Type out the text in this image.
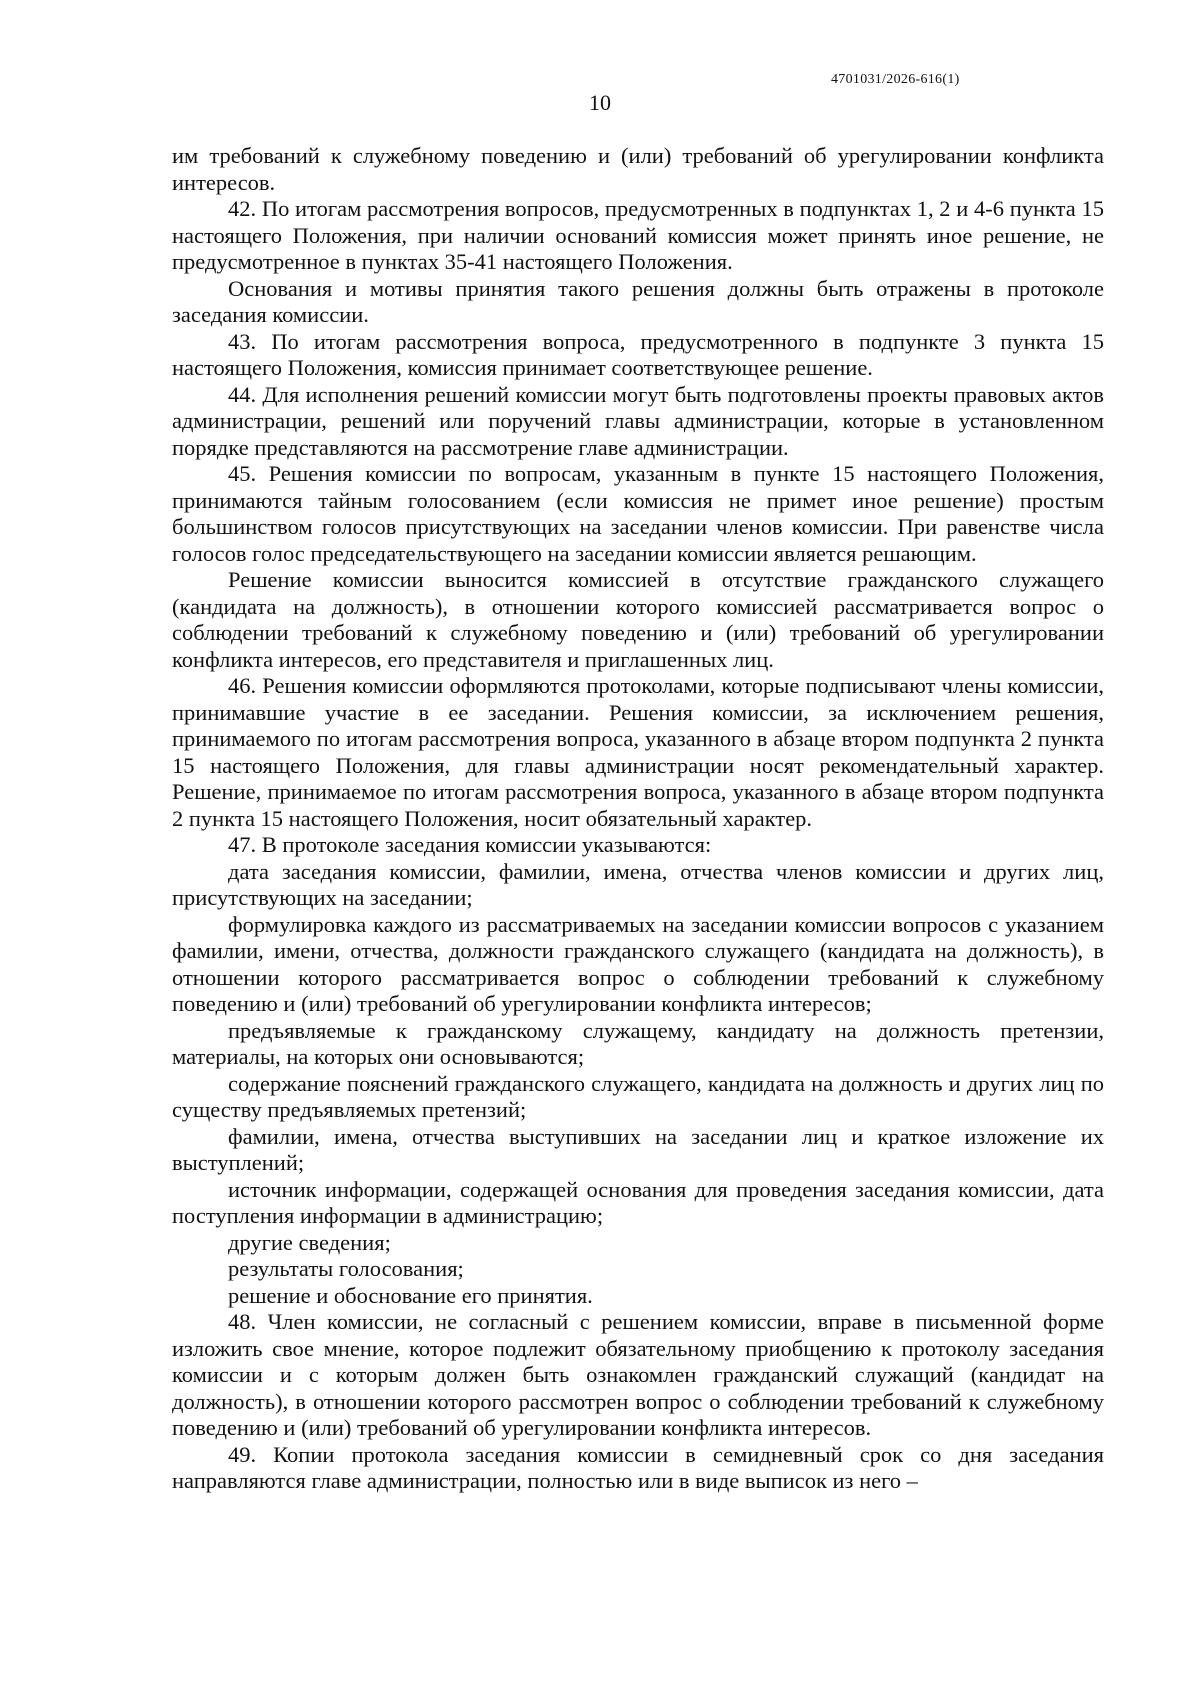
4701031/2026-616(1)
10

им требований к служебному поведению и (или) требований об урегулировании конфликта интересов.

42. По итогам рассмотрения вопросов, предусмотренных в подпунктах 1, 2 и 4-6 пункта 15 настоящего Положения, при наличии оснований комиссия может принять иное решение, не предусмотренное в пунктах 35-41 настоящего Положения.

Основания и мотивы принятия такого решения должны быть отражены в протоколе заседания комиссии.

43. По итогам рассмотрения вопроса, предусмотренного в подпункте 3 пункта 15 настоящего Положения, комиссия принимает соответствующее решение.

44. Для исполнения решений комиссии могут быть подготовлены проекты правовых актов администрации, решений или поручений главы администрации, которые в установленном порядке представляются на рассмотрение главе администрации.

45. Решения комиссии по вопросам, указанным в пункте 15 настоящего Положения, принимаются тайным голосованием (если комиссия не примет иное решение) простым большинством голосов присутствующих на заседании членов комиссии. При равенстве числа голосов голос председательствующего на заседании комиссии является решающим.

Решение комиссии выносится комиссией в отсутствие гражданского служащего (кандидата на должность), в отношении которого комиссией рассматривается вопрос о соблюдении требований к служебному поведению и (или) требований об урегулировании конфликта интересов, его представителя и приглашенных лиц.

46. Решения комиссии оформляются протоколами, которые подписывают члены комиссии, принимавшие участие в ее заседании. Решения комиссии, за исключением решения, принимаемого по итогам рассмотрения вопроса, указанного в абзаце втором подпункта 2 пункта 15 настоящего Положения, для главы администрации носят рекомендательный характер. Решение, принимаемое по итогам рассмотрения вопроса, указанного в абзаце втором подпункта 2 пункта 15 настоящего Положения, носит обязательный характер.

47. В протоколе заседания комиссии указываются:

дата заседания комиссии, фамилии, имена, отчества членов комиссии и других лиц, присутствующих на заседании;

формулировка каждого из рассматриваемых на заседании комиссии вопросов с указанием фамилии, имени, отчества, должности гражданского служащего (кандидата на должность), в отношении которого рассматривается вопрос о соблюдении требований к служебному поведению и (или) требований об урегулировании конфликта интересов;

предъявляемые к гражданскому служащему, кандидату на должность претензии, материалы, на которых они основываются;

содержание пояснений гражданского служащего, кандидата на должность и других лиц по существу предъявляемых претензий;

фамилии, имена, отчества выступивших на заседании лиц и краткое изложение их выступлений;

источник информации, содержащей основания для проведения заседания комиссии, дата поступления информации в администрацию;

другие сведения;

результаты голосования;

решение и обоснование его принятия.

48. Член комиссии, не согласный с решением комиссии, вправе в письменной форме изложить свое мнение, которое подлежит обязательному приобщению к протоколу заседания комиссии и с которым должен быть ознакомлен гражданский служащий (кандидат на должность), в отношении которого рассмотрен вопрос о соблюдении требований к служебному поведению и (или) требований об урегулировании конфликта интересов.

49. Копии протокола заседания комиссии в семидневный срок со дня заседания направляются главе администрации, полностью или в виде выписок из него –
